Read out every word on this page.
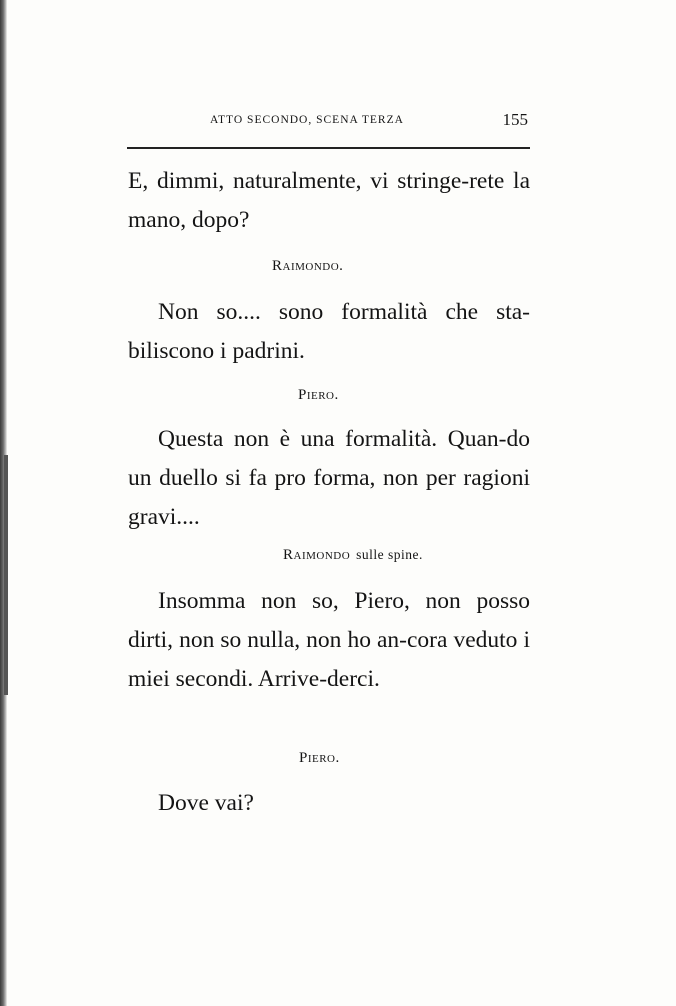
ATTO SECONDO, SCENA TERZA	155
E, dimmi, naturalmente, vi stringe-rete la mano, dopo?
Raimondo.
Non so.... sono formalità che sta-biliscono i padrini.
Piero.
Questa non è una formalità. Quan-do un duello si fa pro forma, non per ragioni gravi....
Raimondo sulle spine.
Insomma non so, Piero, non posso dirti, non so nulla, non ho an-cora veduto i miei secondi. Arrive-derci.
Piero.
Dove vai?
